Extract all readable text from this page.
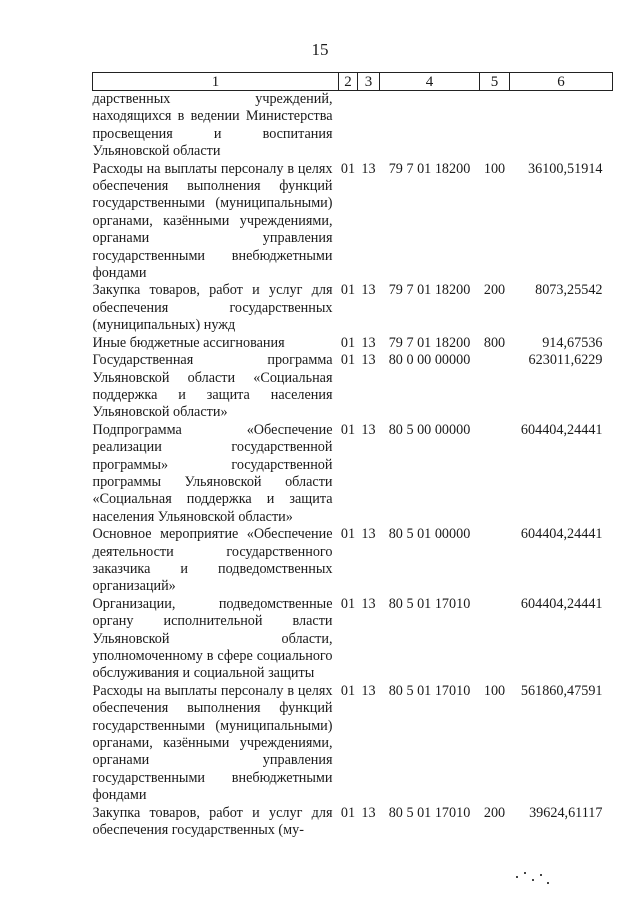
15
1	2	3	4	5	6
дарственных учреждений, находящихся в ведении Министерства просвещения и воспитания Ульяновской области					
Расходы на выплаты персоналу в целях обеспечения выполнения функций государственными (муниципальными) органами, казёнными учреждениями, органами управления государственными внебюджетными фондами	01	13	79 7 01 18200	100	36100,51914
Закупка товаров, работ и услуг для обеспечения государственных (муниципальных) нужд	01	13	79 7 01 18200	200	8073,25542
Иные бюджетные ассигнования	01	13	79 7 01 18200	800	914,67536
Государственная программа Ульяновской области «Социальная поддержка и защита населения Ульяновской области»	01	13	80 0 00 00000		623011,6229
Подпрограмма «Обеспечение реализации государственной программы» государственной программы Ульяновской области «Социальная поддержка и защита населения Ульяновской области»	01	13	80 5 00 00000		604404,24441
Основное мероприятие «Обеспечение деятельности государственного заказчика и подведомственных организаций»	01	13	80 5 01 00000		604404,24441
Организации, подведомственные органу исполнительной власти Ульяновской области, уполномоченному в сфере социального обслуживания и социальной защиты	01	13	80 5 01 17010		604404,24441
Расходы на выплаты персоналу в целях обеспечения выполнения функций государственными (муниципальными) органами, казёнными учреждениями, органами управления государственными внебюджетными фондами	01	13	80 5 01 17010	100	561860,47591
Закупка товаров, работ и услуг для обеспечения государственных (му-	01	13	80 5 01 17010	200	39624,61117
